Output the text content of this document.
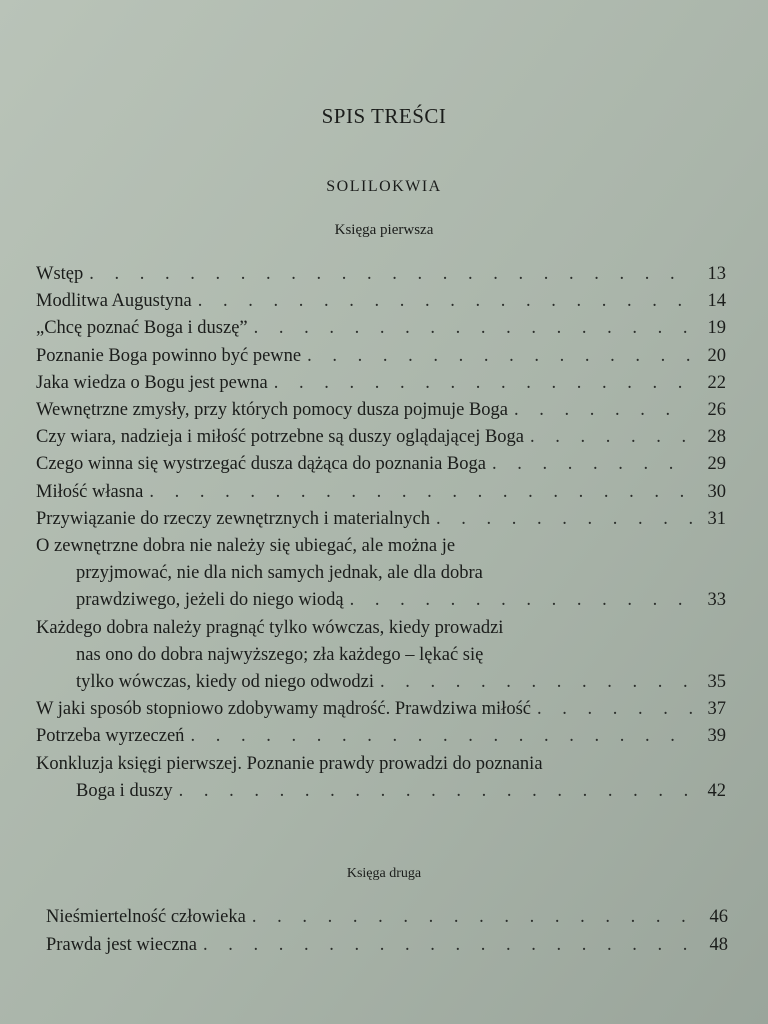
SPIS TREŚCI
SOLILOKWIA
Księga pierwsza
Wstęp . . .	13
Modlitwa Augustyna . . .	14
„Chcę poznać Boga i duszę” . . .	19
Poznanie Boga powinno być pewne . . .	20
Jaka wiedza o Bogu jest pewna . . .	22
Wewnętrzne zmysły, przy których pomocy dusza pojmuje Boga . . .	26
Czy wiara, nadzieja i miłość potrzebne są duszy oglądającej Boga . . .	28
Czego winna się wystrzegać dusza dążąca do poznania Boga . . .	29
Miłość własna . . .	30
Przywiązanie do rzeczy zewnętrznych i materialnych . . .	31
O zewnętrzne dobra nie należy się ubiegać, ale można je
przyjmować, nie dla nich samych jednak, ale dla dobra
prawdziwego, jeżeli do niego wiodą . . .	33
Każdego dobra należy pragnąć tylko wówczas, kiedy prowadzi
nas ono do dobra najwyższego; zła każdego – lękać się
tylko wówczas, kiedy od niego odwodzi . . .	35
W jaki sposób stopniowo zdobywamy mądrość. Prawdziwa miłość . . .	37
Potrzeba wyrzeczeń . . .	39
Konkluzja księgi pierwszej. Poznanie prawdy prowadzi do poznania
Boga i duszy . . .	42
Księga druga
Nieśmiertelność człowieka . . .	46
Prawda jest wieczna . . .	48
